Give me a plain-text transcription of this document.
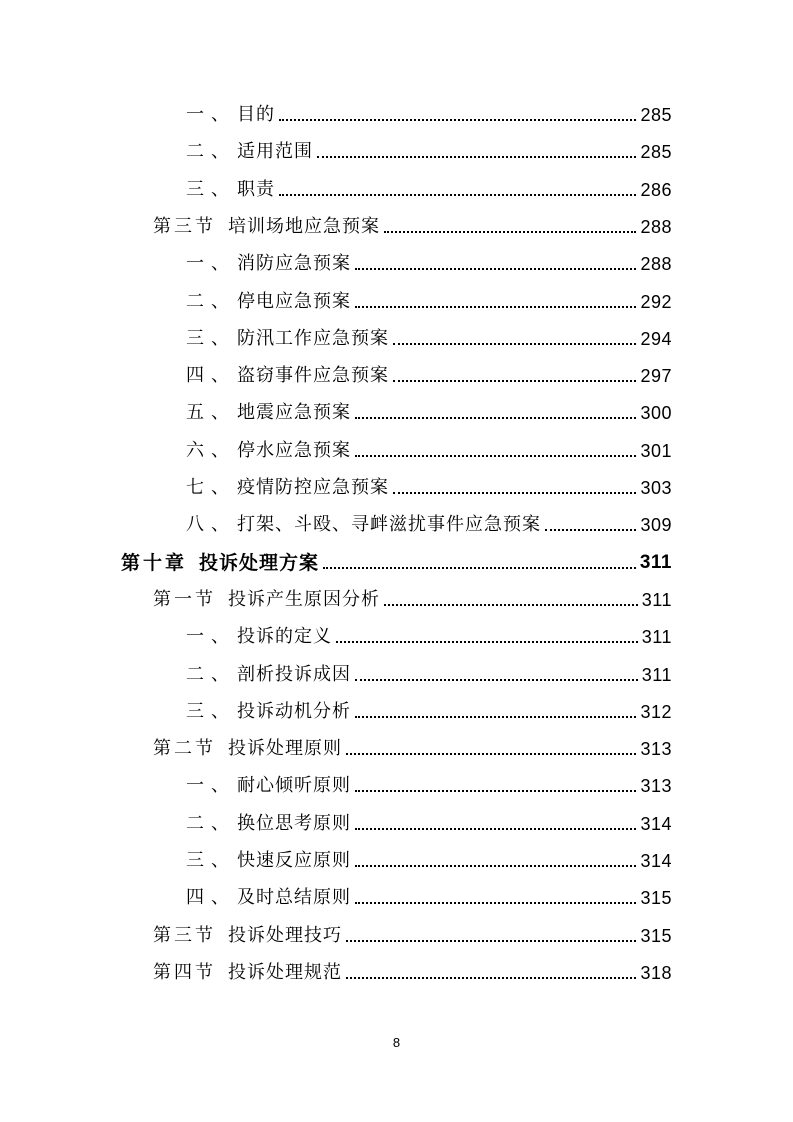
一 、 目的	285
二 、 适用范围	285
三 、 职责	286
第三节 培训场地应急预案	288
一 、 消防应急预案	288
二 、 停电应急预案	292
三 、 防汛工作应急预案	294
四 、 盗窃事件应急预案	297
五 、 地震应急预案	300
六 、 停水应急预案	301
七 、 疫情防控应急预案	303
八 、 打架、斗殴、寻衅滋扰事件应急预案	309
第十章 投诉处理方案	311
第一节 投诉产生原因分析	311
一 、 投诉的定义	311
二 、 剖析投诉成因	311
三 、 投诉动机分析	312
第二节 投诉处理原则	313
一 、 耐心倾听原则	313
二 、 换位思考原则	314
三 、 快速反应原则	314
四 、 及时总结原则	315
第三节 投诉处理技巧	315
第四节 投诉处理规范	318
8
